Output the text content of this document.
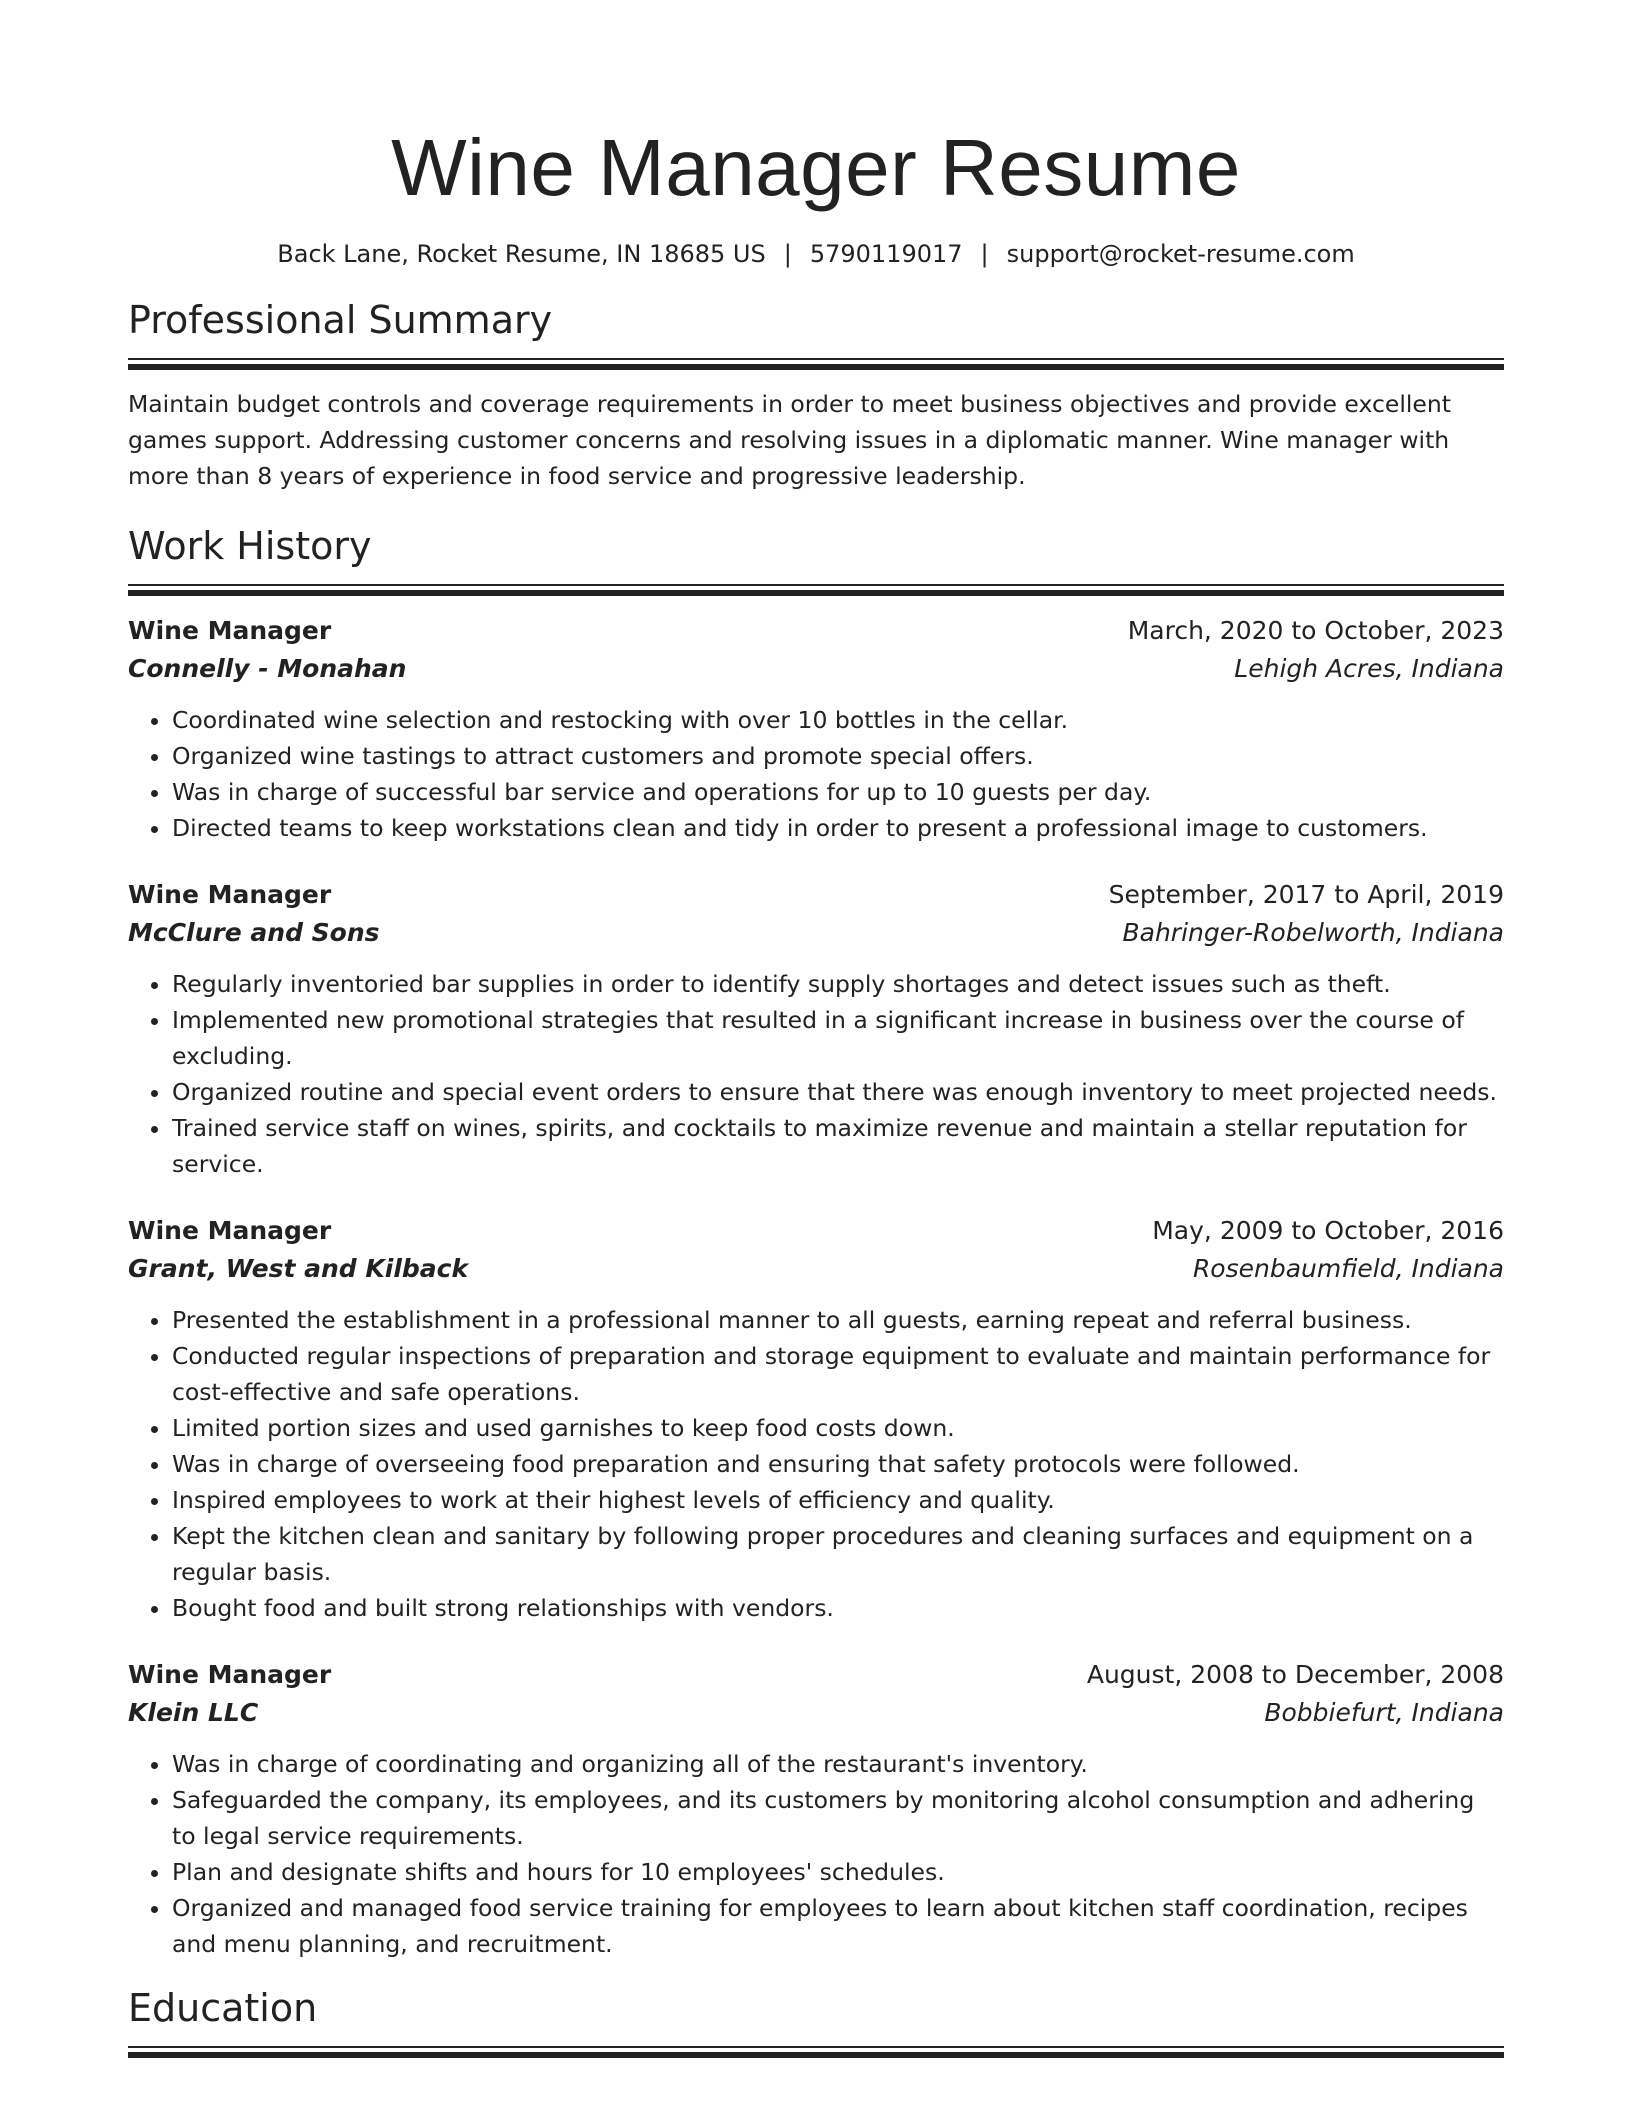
Wine Manager Resume
Back Lane, Rocket Resume, IN 18685 US | 5790119017 | support@rocket-resume.com
Professional Summary

Maintain budget controls and coverage requirements in order to meet business objectives and provide excellent games support. Addressing customer concerns and resolving issues in a diplomatic manner. Wine manager with more than 8 years of experience in food service and progressive leadership.

Work History
Wine Manager	March, 2020 to October, 2023
Connelly - Monahan	Lehigh Acres, Indiana
• Coordinated wine selection and restocking with over 10 bottles in the cellar.
• Organized wine tastings to attract customers and promote special offers.
• Was in charge of successful bar service and operations for up to 10 guests per day.
• Directed teams to keep workstations clean and tidy in order to present a professional image to customers.
Wine Manager	September, 2017 to April, 2019
McClure and Sons	Bahringer-Robelworth, Indiana
• Regularly inventoried bar supplies in order to identify supply shortages and detect issues such as theft.
• Implemented new promotional strategies that resulted in a significant increase in business over the course of excluding.
• Organized routine and special event orders to ensure that there was enough inventory to meet projected needs.
• Trained service staff on wines, spirits, and cocktails to maximize revenue and maintain a stellar reputation for service.
Wine Manager	May, 2009 to October, 2016
Grant, West and Kilback	Rosenbaumfield, Indiana
• Presented the establishment in a professional manner to all guests, earning repeat and referral business.
• Conducted regular inspections of preparation and storage equipment to evaluate and maintain performance for cost-effective and safe operations.
• Limited portion sizes and used garnishes to keep food costs down.
• Was in charge of overseeing food preparation and ensuring that safety protocols were followed.
• Inspired employees to work at their highest levels of efficiency and quality.
• Kept the kitchen clean and sanitary by following proper procedures and cleaning surfaces and equipment on a regular basis.
• Bought food and built strong relationships with vendors.
Wine Manager	August, 2008 to December, 2008
Klein LLC	Bobbiefurt, Indiana
• Was in charge of coordinating and organizing all of the restaurant's inventory.
• Safeguarded the company, its employees, and its customers by monitoring alcohol consumption and adhering to legal service requirements.
• Plan and designate shifts and hours for 10 employees' schedules.
• Organized and managed food service training for employees to learn about kitchen staff coordination, recipes and menu planning, and recruitment.
Education
